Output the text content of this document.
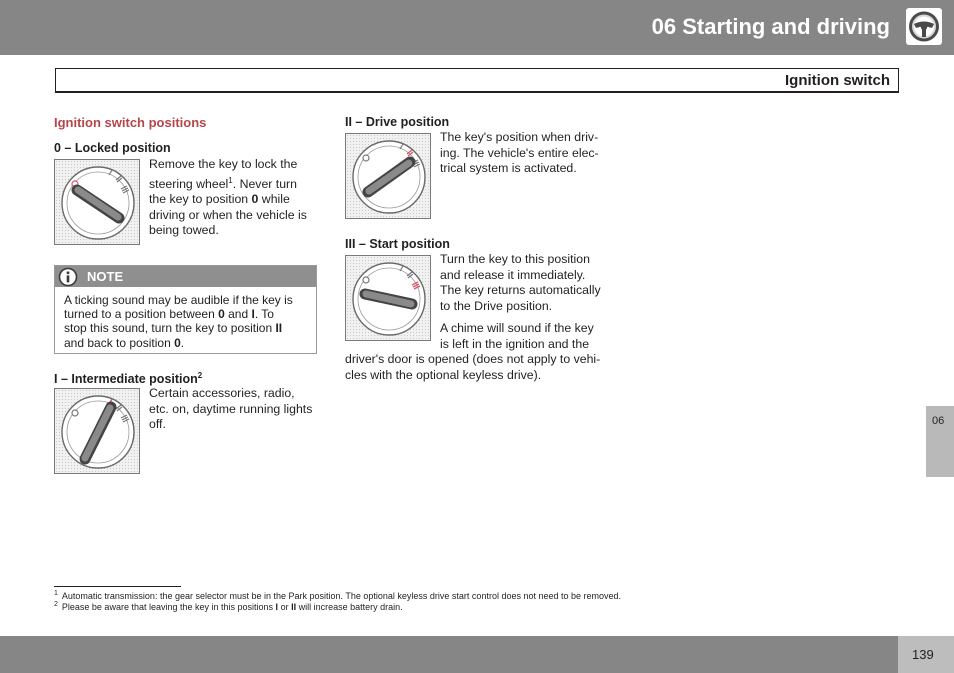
06 Starting and driving
Ignition switch
Ignition switch positions
0 – Locked position
Remove the key to lock the
steering wheel$^1$. Never turn
the key to position 0 while
driving or when the vehicle is
being towed.
NOTE
A ticking sound may be audible if the key is
turned to a position between 0 and I. To
stop this sound, turn the key to position II
and back to position 0.
I – Intermediate position$^2$
Certain accessories, radio,
etc. on, daytime running lights
off.
II – Drive position
The key's position when driv-
ing. The vehicle's entire elec-
trical system is activated.
III – Start position
Turn the key to this position
and release it immediately.
The key returns automatically
to the Drive position.
A chime will sound if the key
is left in the ignition and the
driver's door is opened (does not apply to vehi-
cles with the optional keyless drive).
06
$^1$ Automatic transmission: the gear selector must be in the Park position. The optional keyless drive start control does not need to be removed.
$^2$ Please be aware that leaving the key in this positions I or II will increase battery drain.
139
